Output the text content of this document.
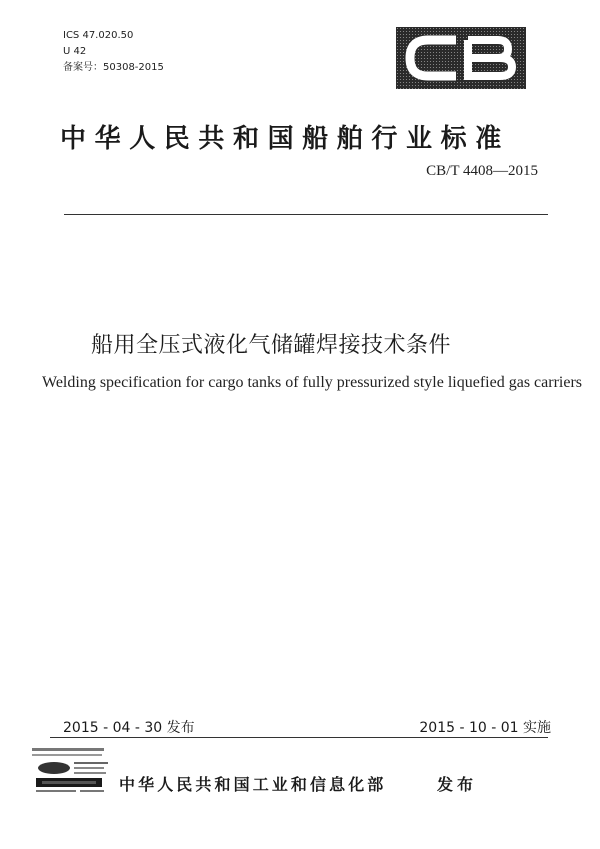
ICS 47.020.50
U 42
备案号：50308-2015
中华人民共和国船舶行业标准
CB/T 4408—2015
船用全压式液化气储罐焊接技术条件
Welding specification for cargo tanks of fully pressurized style liquefied gas carriers
2015 - 04 - 30 发布	2015 - 10 - 01 实施
中华人民共和国工业和信息化部	发布
